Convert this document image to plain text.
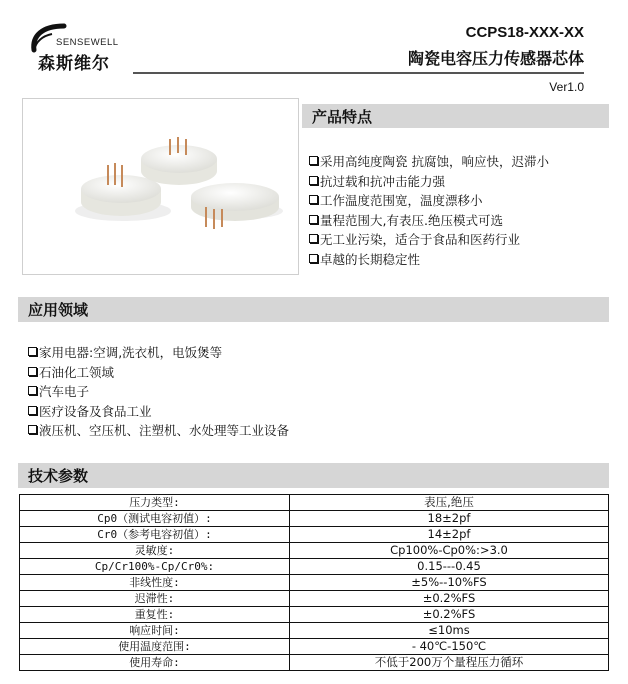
SENSEWELL
森斯维尔
CCPS18-XXX-XX
陶瓷电容压力传感器芯体
Ver1.0
产品特点
采用高纯度陶瓷 抗腐蚀，响应快，迟滞小
抗过载和抗冲击能力强
工作温度范围宽，温度漂移小
量程范围大,有表压.绝压模式可选
无工业污染，适合于食品和医药行业
卓越的长期稳定性
应用领域
家用电器:空调,洗衣机，电饭煲等
石油化工领域
汽车电子
医疗设备及食品工业
液压机、空压机、注塑机、水处理等工业设备
技术参数
压力类型:	表压,绝压
Cp0（测试电容初值）:	18±2pf
Cr0（参考电容初值）:	14±2pf
灵敏度:	Cp100%-Cp0%:>3.0
Cp/Cr100%-Cp/Cr0%:	0.15---0.45
非线性度:	±5%--10%FS
迟滞性:	±0.2%FS
重复性:	±0.2%FS
响应时间:	≤10ms
使用温度范围:	- 40℃-150℃
使用寿命:	不低于200万个量程压力循环
